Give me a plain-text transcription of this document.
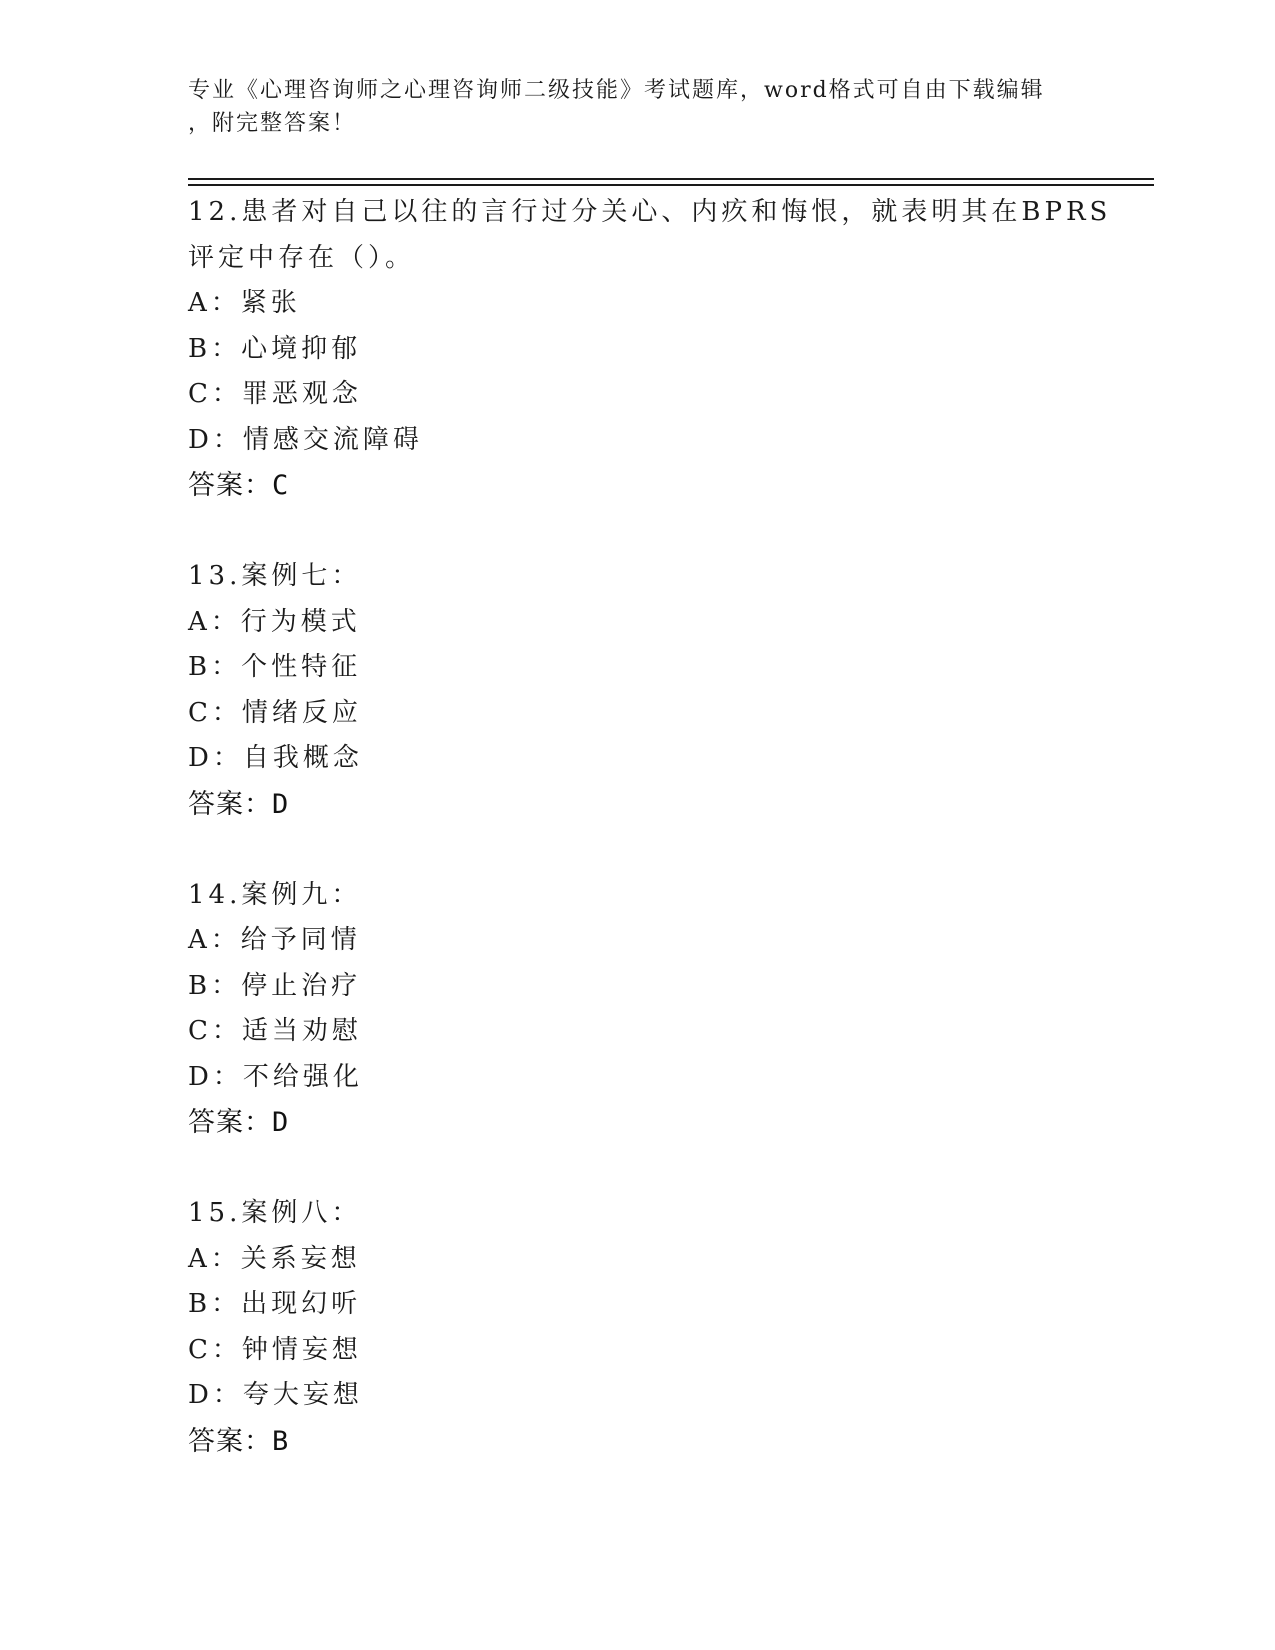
专业《心理咨询师之心理咨询师二级技能》考试题库，word格式可自由下载编辑
，附完整答案！
12.患者对自己以往的言行过分关心、内疚和悔恨，就表明其在BPRS
评定中存在（）。
A：紧张
B：心境抑郁
C：罪恶观念
D：情感交流障碍
答案：C
13.案例七：
A：行为模式
B：个性特征
C：情绪反应
D：自我概念
答案：D
14.案例九：
A：给予同情
B：停止治疗
C：适当劝慰
D：不给强化
答案：D
15.案例八：
A：关系妄想
B：出现幻听
C：钟情妄想
D：夸大妄想
答案：B
